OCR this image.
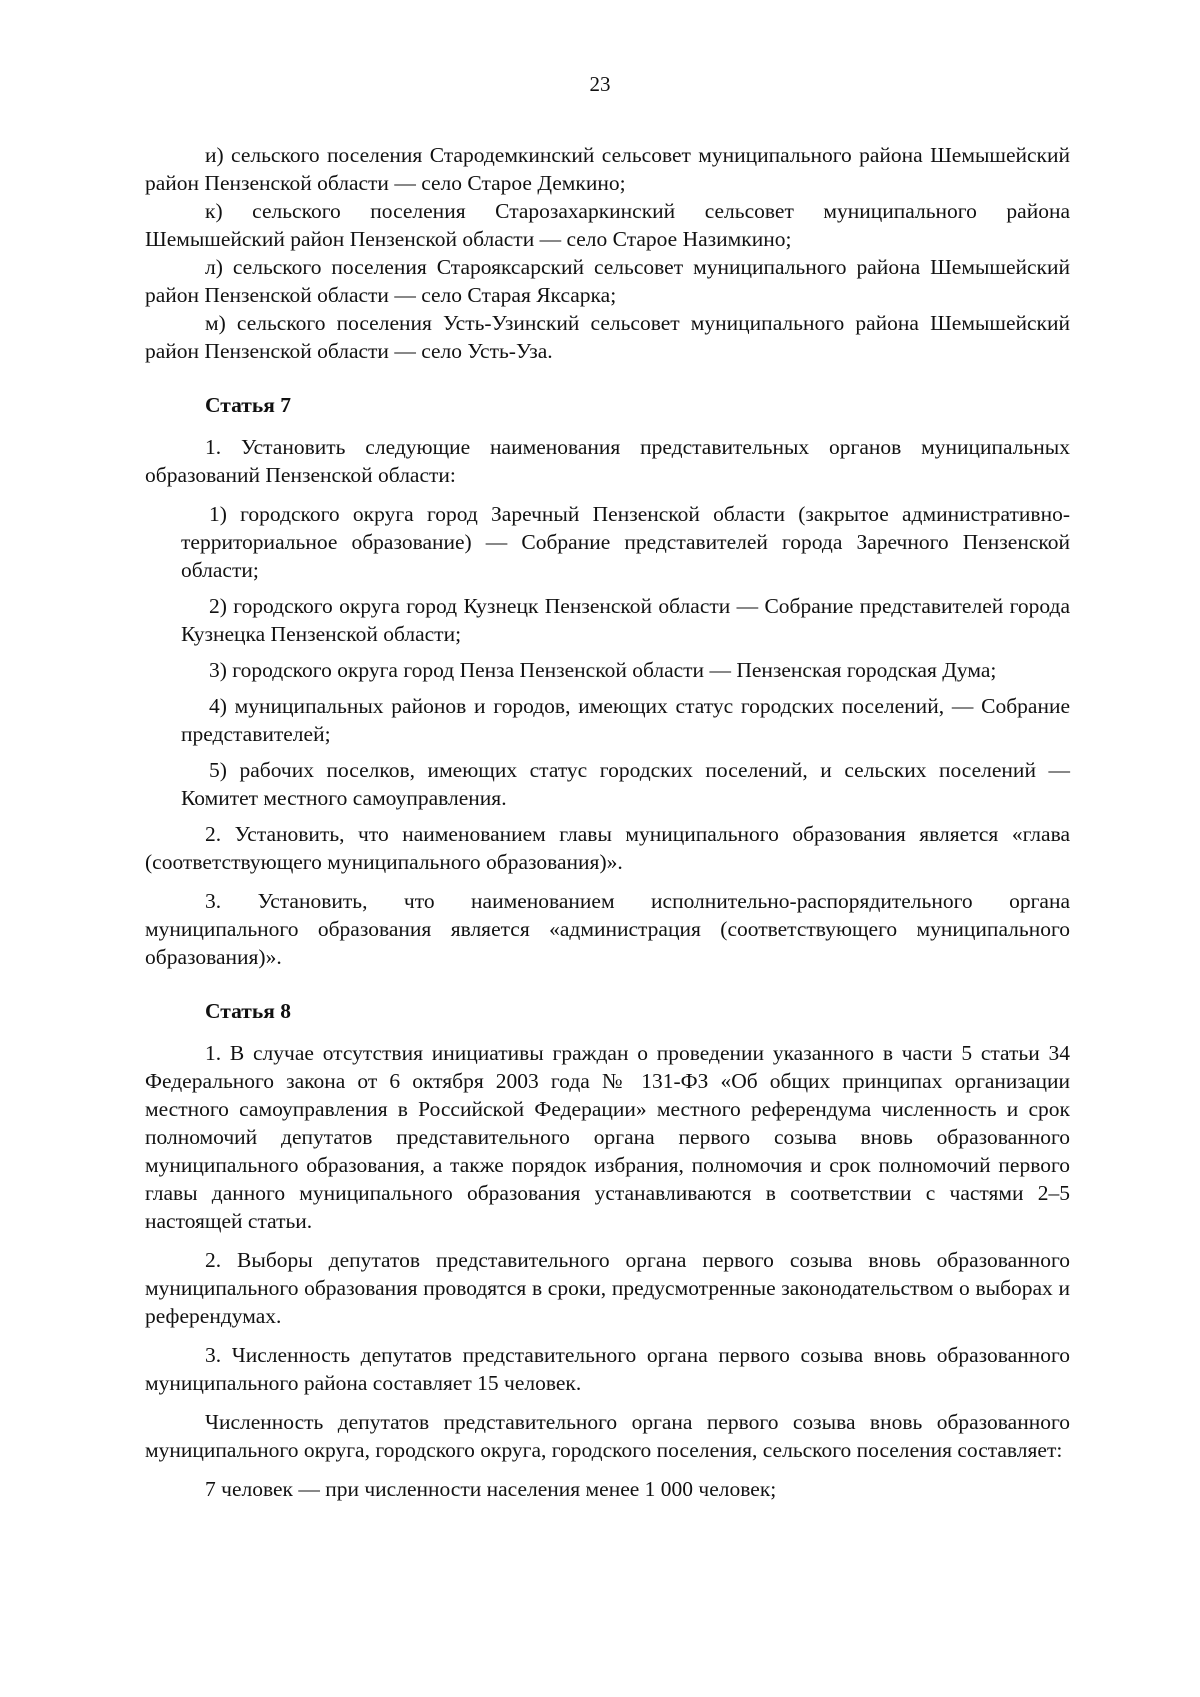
23

и) сельского поселения Стародемкинский сельсовет муниципального района Шемышейский район Пензенской области — село Старое Демкино;

к) сельского поселения Старозахаркинский сельсовет муниципального района Шемышейский район Пензенской области — село Старое Назимкино;

л) сельского поселения Старояксарский сельсовет муниципального района Шемышейский район Пензенской области — село Старая Яксарка;

м) сельского поселения Усть-Узинский сельсовет муниципального района Шемышейский район Пензенской области — село Усть-Уза.

Статья 7

1. Установить следующие наименования представительных органов муниципальных образований Пензенской области:

1) городского округа город Заречный Пензенской области (закрытое административно-территориальное образование) — Собрание представителей города Заречного Пензенской области;

2) городского округа город Кузнецк Пензенской области — Собрание представителей города Кузнецка Пензенской области;

3) городского округа город Пенза Пензенской области — Пензенская городская Дума;

4) муниципальных районов и городов, имеющих статус городских поселений, — Собрание представителей;

5) рабочих поселков, имеющих статус городских поселений, и сельских поселений — Комитет местного самоуправления.

2. Установить, что наименованием главы муниципального образования является «глава (соответствующего муниципального образования)».

3. Установить, что наименованием исполнительно-распорядительного органа муниципального образования является «администрация (соответствующего муниципального образования)».

Статья 8

1. В случае отсутствия инициативы граждан о проведении указанного в части 5 статьи 34 Федерального закона от 6 октября 2003 года № 131-ФЗ «Об общих принципах организации местного самоуправления в Российской Федерации» местного референдума численность и срок полномочий депутатов представительного органа первого созыва вновь образованного муниципального образования, а также порядок избрания, полномочия и срок полномочий первого главы данного муниципального образования устанавливаются в соответствии с частями 2–5 настоящей статьи.

2. Выборы депутатов представительного органа первого созыва вновь образованного муниципального образования проводятся в сроки, предусмотренные законодательством о выборах и референдумах.

3. Численность депутатов представительного органа первого созыва вновь образованного муниципального района составляет 15 человек.

Численность депутатов представительного органа первого созыва вновь образованного муниципального округа, городского округа, городского поселения, сельского поселения составляет:

7 человек — при численности населения менее 1 000 человек;
